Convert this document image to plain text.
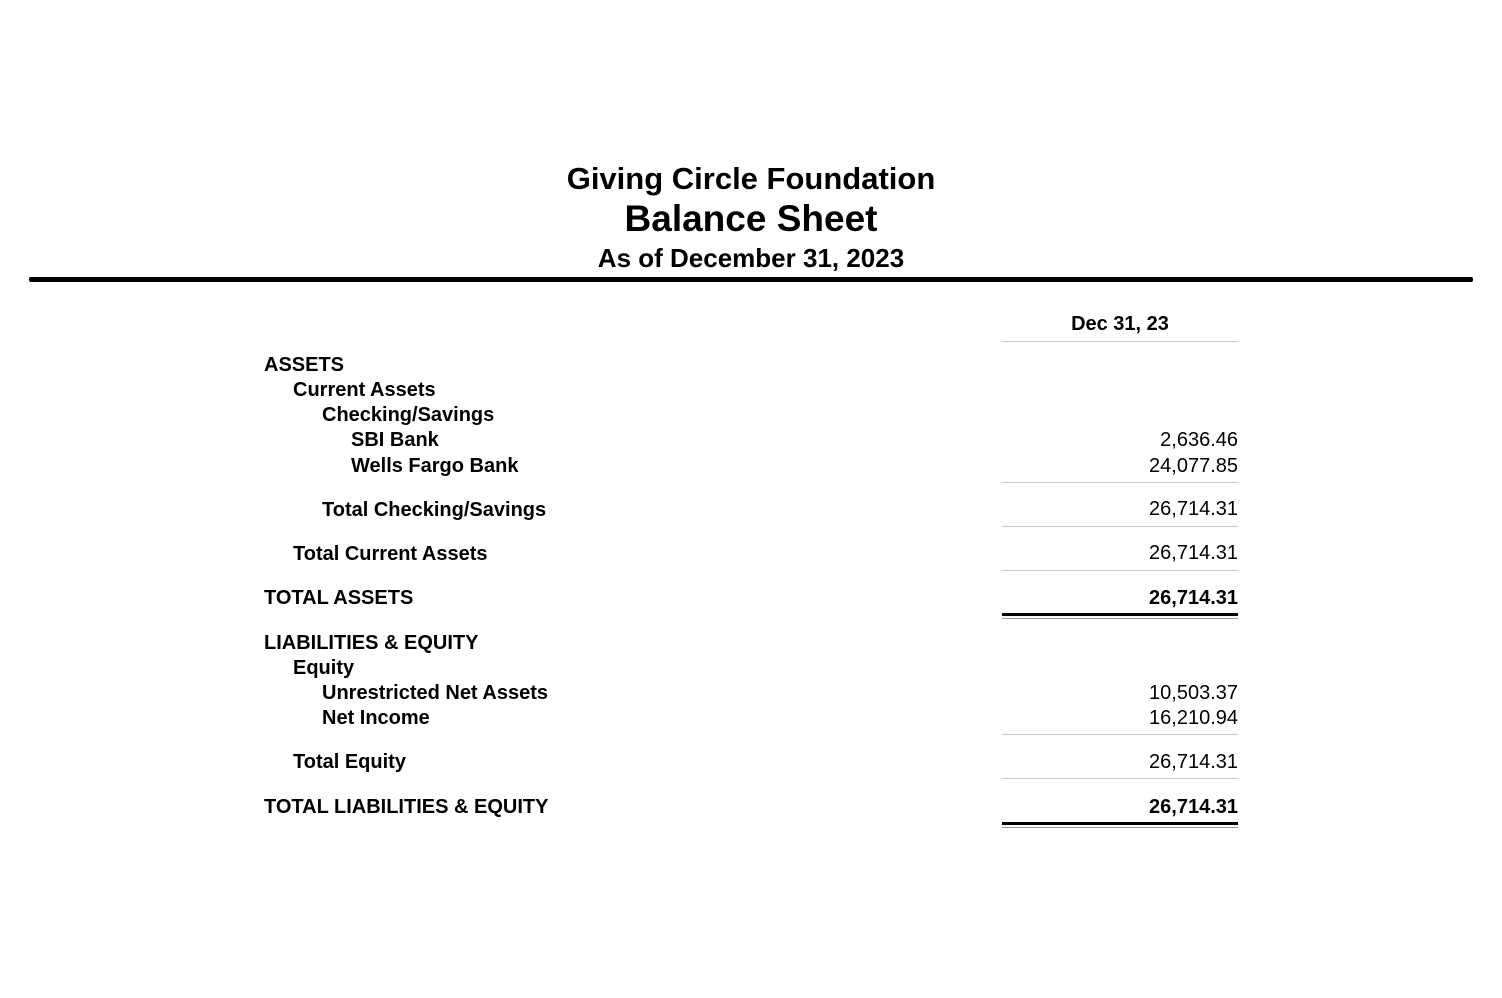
Giving Circle Foundation
Balance Sheet
As of December 31, 2023
Dec 31, 23
ASSETS
Current Assets
Checking/Savings
SBI Bank	2,636.46
Wells Fargo Bank	24,077.85
Total Checking/Savings	26,714.31
Total Current Assets	26,714.31
TOTAL ASSETS	26,714.31
LIABILITIES & EQUITY
Equity
Unrestricted Net Assets	10,503.37
Net Income	16,210.94
Total Equity	26,714.31
TOTAL LIABILITIES & EQUITY	26,714.31
